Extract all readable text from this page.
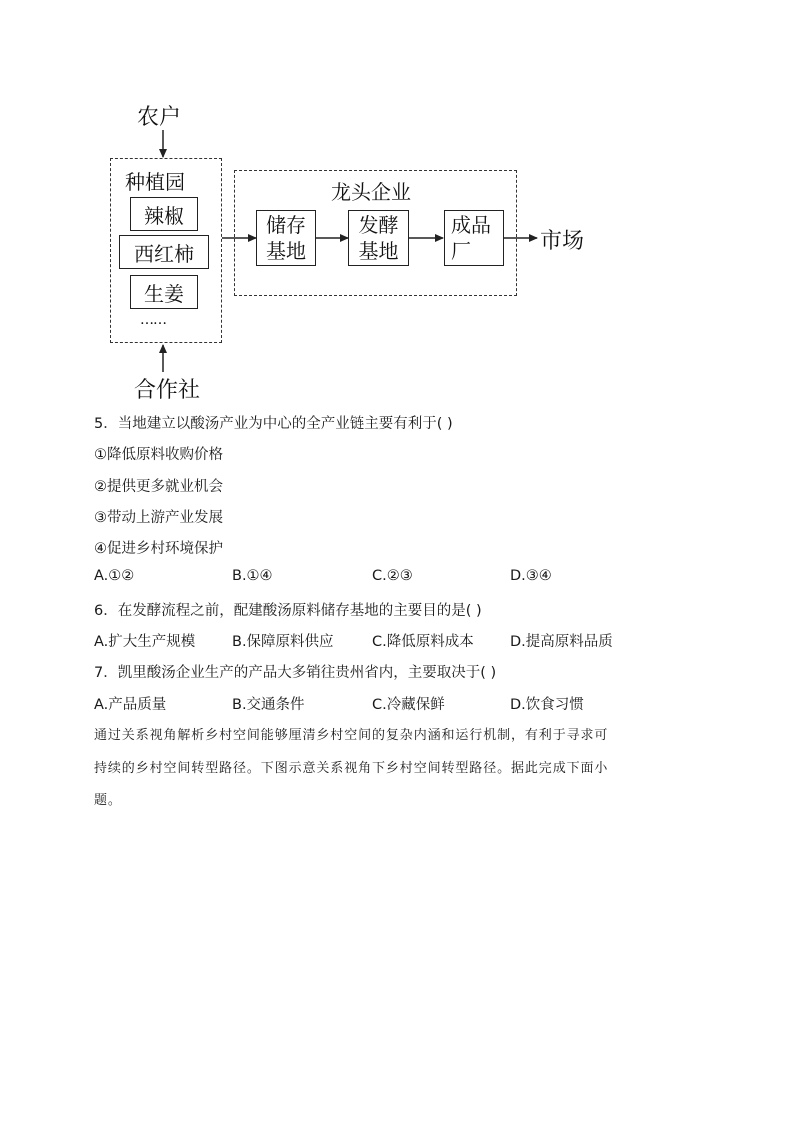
农户
种植园
辣椒
西红柿
生姜
……
合作社
龙头企业
储存
基地
发酵
基地
成品
厂	市场
5．当地建立以酸汤产业为中心的全产业链主要有利于( )
①降低原料收购价格
②提供更多就业机会
③带动上游产业发展
④促进乡村环境保护
A.①②	B.①④	C.②③	D.③④
6．在发酵流程之前，配建酸汤原料储存基地的主要目的是( )
A.扩大生产规模	B.保障原料供应	C.降低原料成本	D.提高原料品质
7．凯里酸汤企业生产的产品大多销往贵州省内，主要取决于( )
A.产品质量	B.交通条件	C.冷藏保鲜	D.饮食习惯
通过关系视角解析乡村空间能够厘清乡村空间的复杂内涵和运行机制，有利于寻求可
持续的乡村空间转型路径。下图示意关系视角下乡村空间转型路径。据此完成下面小
题。
